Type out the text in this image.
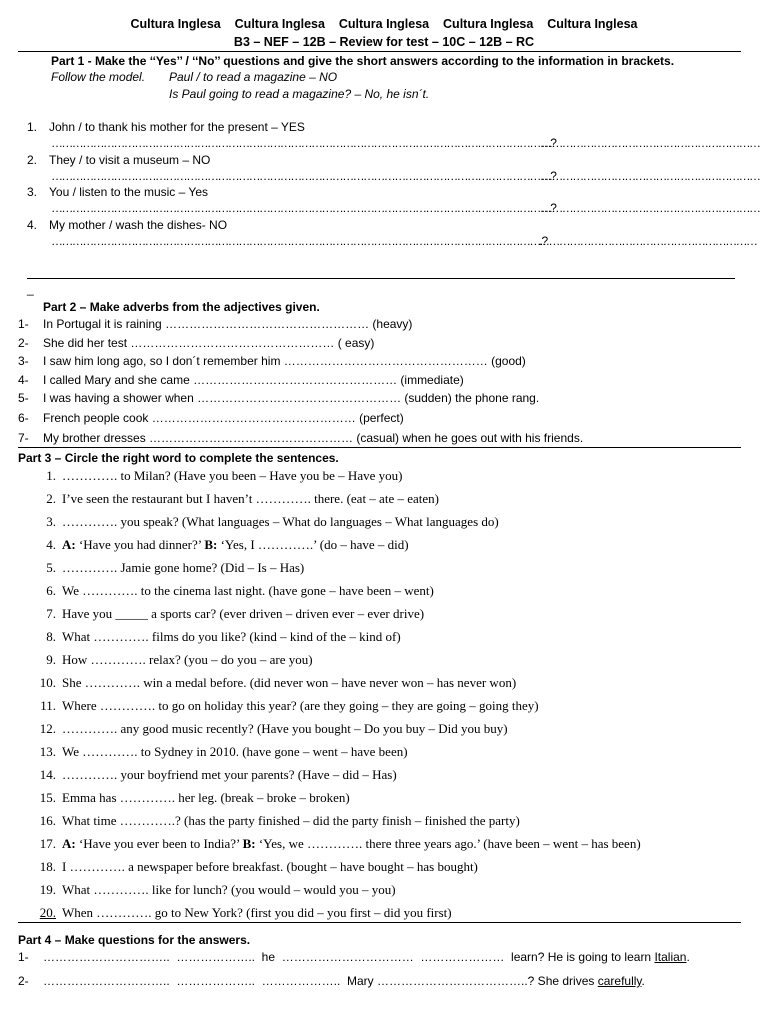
Cultura Inglesa    Cultura Inglesa    Cultura Inglesa    Cultura Inglesa    Cultura Inglesa
B3 – NEF – 12B – Review for test – 10C – 12B – RC
Part 1 - Make the ‘‘Yes’’ / ‘‘No’’ questions and give the short answers according to the information in brackets.
Follow the model. Paul / to read a magazine – NO
Is Paul going to read a magazine? – No, he isn´t.
1. John / to thank his mother for the present – YES
………………………………………………………………………………………………………………………………?
………………………………………………………
2. They / to visit a museum – NO
………………………………………………………………………………………………………………………………?
………………………………………………………
3. You / listen to the music – Yes
………………………………………………………………………………………………………………………………?
………………………………………………………
4. My mother / wash the dishes- NO
…………………………………………………………………………………………………………………………….?
………………………………………………………
_
Part 2 – Make adverbs from the adjectives given.
1- In Portugal it is raining …………………………………………… (heavy)
2- She did her test …………………………………………… ( easy)
3- I saw him long ago, so I don´t remember him …………………………………………… (good)
4- I called Mary and she came …………………………………………… (immediate)
5- I was having a shower when …………………………………………… (sudden) the phone rang.
6- French people cook …………………………………………… (perfect)
7- My brother dresses …………………………………………… (casual) when he goes out with his friends.
Part 3 – Circle the right word to complete the sentences.
1. …………. to Milan? (Have you been – Have you be – Have you)
2. I’ve seen the restaurant but I haven’t …………. there. (eat – ate – eaten)
3. …………. you speak? (What languages – What do languages – What languages do)
4. A: ‘Have you had dinner?’ B: ‘Yes, I ………….’ (do – have – did)
5. …………. Jamie gone home? (Did – Is – Has)
6. We …………. to the cinema last night. (have gone – have been – went)
7. Have you _____ a sports car? (ever driven – driven ever – ever drive)
8. What …………. films do you like? (kind – kind of the – kind of)
9. How …………. relax? (you – do you – are you)
10. She …………. win a medal before. (did never won – have never won – has never won)
11. Where …………. to go on holiday this year? (are they going – they are going – going they)
12. …………. any good music recently? (Have you bought – Do you buy – Did you buy)
13. We …………. to Sydney in 2010. (have gone – went – have been)
14. …………. your boyfriend met your parents? (Have – did – Has)
15. Emma has …………. her leg. (break – broke – broken)
16. What time ………….? (has the party finished – did the party finish – finished the party)
17. A: ‘Have you ever been to India?’ B: ‘Yes, we …………. there three years ago.’ (have been – went – has been)
18. I …………. a newspaper before breakfast. (bought – have bought – has bought)
19. What …………. like for lunch? (you would – would you – you)
20. When …………. go to New York? (first you did – you first – did you first)
Part 4 – Make questions for the answers.
1- …………………………..  ………………..  he  ……………………………  …………………  learn? He is going to learn Italian.
2- …………………………..  ………………..  ………………..  Mary ………………………………..? She drives carefully.
